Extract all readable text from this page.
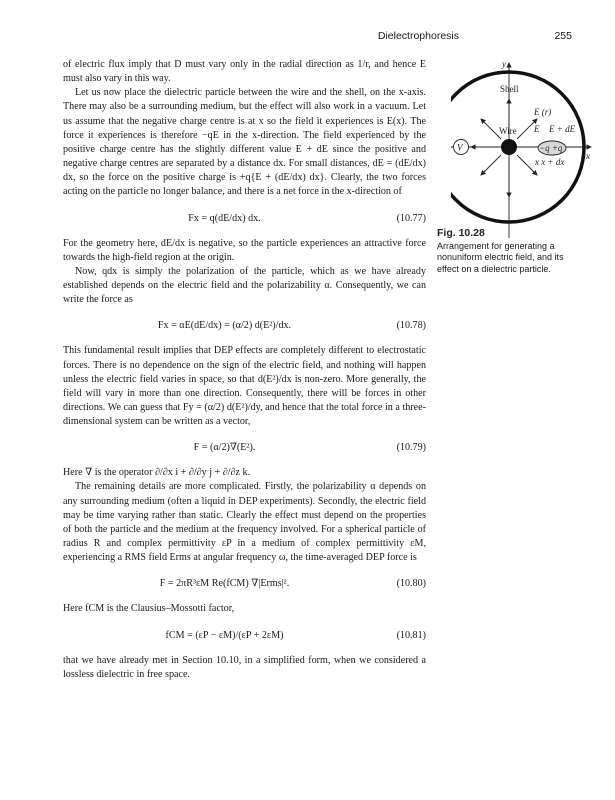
Dielectrophoresis	255

of electric flux imply that D must vary only in the radial direction as 1/r, and hence E must also vary in this way.

Let us now place the dielectric particle between the wire and the shell, on the x-axis. There may also be a surrounding medium, but the effect will also work in a vacuum. Let us assume that the negative charge centre is at x so the field it experiences is E(x). The force it experiences is therefore −qE in the x-direction. The field experienced by the positive charge centre has the slightly different value E + dE since the positive and negative charge centres are separated by a distance dx. For small distances, dE = (dE/dx) dx, so the force on the positive charge is +q{E + (dE/dx) dx}. Clearly, the two forces acting on the particle no longer balance, and there is a net force in the x-direction of

Fx = q(dE/dx) dx.	(10.77)

For the geometry here, dE/dx is negative, so the particle experiences an attractive force towards the high-field region at the origin.

Now, qdx is simply the polarization of the particle, which as we have already established depends on the electric field and the polarizability α. Consequently, we can write the force as

Fx = αE(dE/dx) = (α/2) d(E²)/dx.	(10.78)

This fundamental result implies that DEP effects are completely different to electrostatic forces. There is no dependence on the sign of the electric field, and nothing will happen unless the electric field varies in space, so that d(E²)/dx is non-zero. More generally, the field will vary in more than one direction. Consequently, there will be forces in other directions. We can guess that Fy = (α/2) d(E²)/dy, and hence that the total force in a three-dimensional system can be written as a vector,

F = (α/2)∇(E²).	(10.79)

Here ∇ is the operator ∂/∂x i + ∂/∂y j + ∂/∂z k.

The remaining details are more complicated. Firstly, the polarizability α depends on any surrounding medium (often a liquid in DEP experiments). Secondly, the electric field may be time varying rather than static. Clearly the effect must depend on the properties of both the particle and the medium at the frequency involved. For a spherical particle of radius R and complex permittivity εP in a medium of complex permittivity εM, experiencing a RMS field Erms at angular frequency ω, the time-averaged DEP force is

F = 2πR³εM Re(fCM) ∇|Erms|².	(10.80)

Here fCM is the Clausius–Mossotti factor,

fCM = (εP − εM)/(εP + 2εM)	(10.81)

that we have already met in Section 10.10, in a simplified form, when we considered a lossless dielectric in free space.

y
x
Shell
Wire
V
E (r)
E E + dE
−q +q
x x + dx
Fig. 10.28
Arrangement for generating a nonuniform electric field, and its effect on a dielectric particle.
